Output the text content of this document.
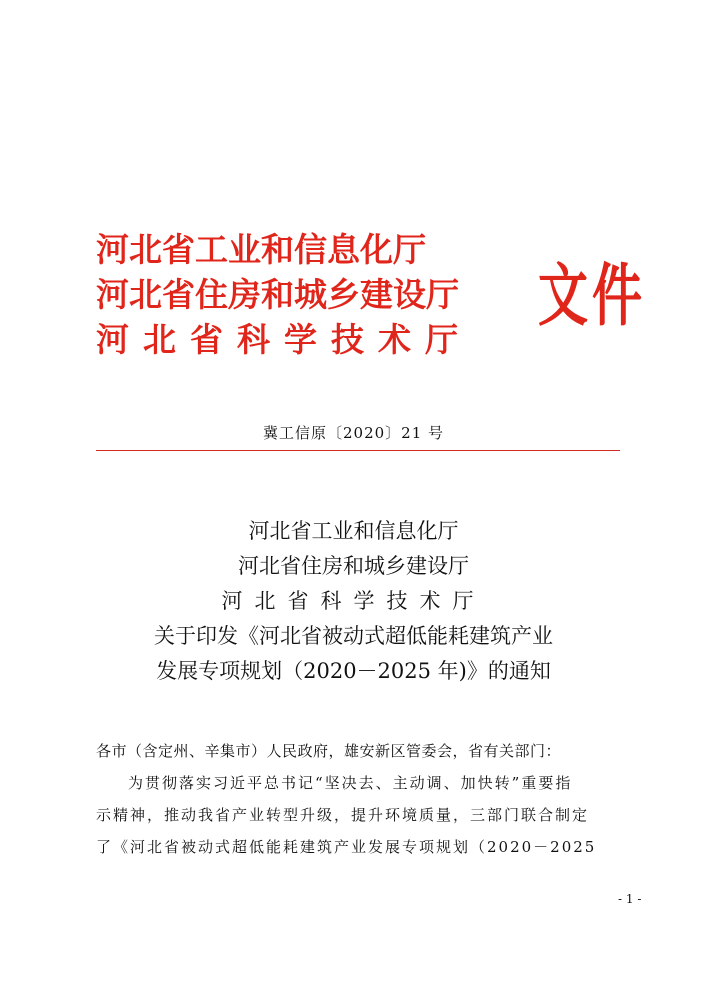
河北省工业和信息化厅
河北省住房和城乡建设厅
河北省科学技术厅
文件
冀工信原〔2020〕21 号
河北省工业和信息化厅
河北省住房和城乡建设厅
河北省科学技术厅
关于印发《河北省被动式超低能耗建筑产业
发展专项规划（2020－2025 年)》的通知

各市（含定州、辛集市）人民政府，雄安新区管委会，省有关部门：

为贯彻落实习近平总书记“坚决去、主动调、加快转”重要指

示精神，推动我省产业转型升级，提升环境质量，三部门联合制定

了《河北省被动式超低能耗建筑产业发展专项规划（2020－2025

- 1 -
